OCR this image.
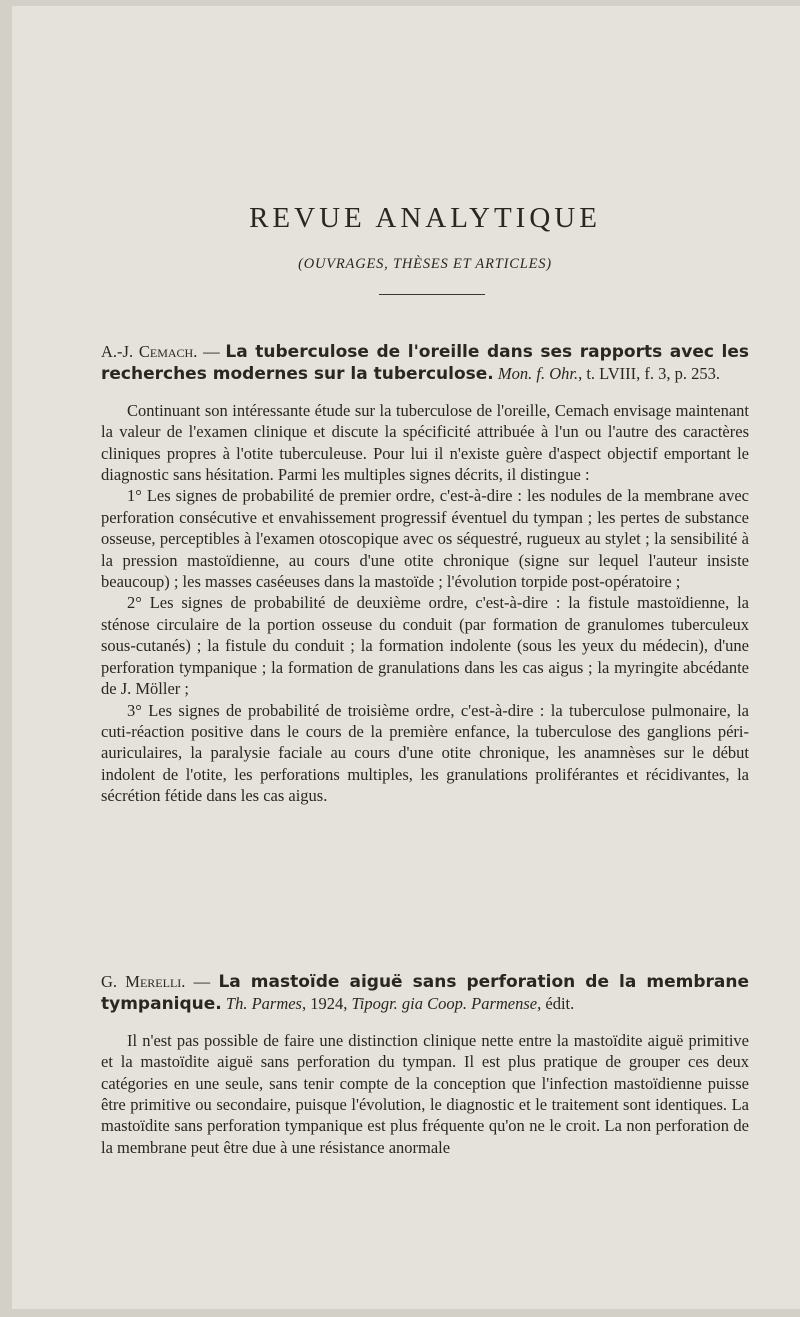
REVUE ANALYTIQUE
(OUVRAGES, THÈSES ET ARTICLES)

A.-J. Cemach. — La tuberculose de l'oreille dans ses rapports avec les recherches modernes sur la tuberculose. Mon. f. Ohr., t. LVIII, f. 3, p. 253.

Continuant son intéressante étude sur la tuberculose de l'oreille, Cemach envisage maintenant la valeur de l'examen clinique et discute la spécificité attribuée à l'un ou l'autre des caractères cliniques propres à l'otite tuberculeuse. Pour lui il n'existe guère d'aspect objectif emportant le diagnostic sans hésitation. Parmi les multiples signes décrits, il distingue :

1° Les signes de probabilité de premier ordre, c'est-à-dire : les nodules de la membrane avec perforation consécutive et envahissement progressif éventuel du tympan ; les pertes de substance osseuse, perceptibles à l'examen otoscopique avec os séquestré, rugueux au stylet ; la sensibilité à la pression mastoïdienne, au cours d'une otite chronique (signe sur lequel l'auteur insiste beaucoup) ; les masses caséeuses dans la mastoïde ; l'évolution torpide post-opératoire ;

2° Les signes de probabilité de deuxième ordre, c'est-à-dire : la fistule mastoïdienne, la sténose circulaire de la portion osseuse du conduit (par formation de granulomes tuberculeux sous-cutanés) ; la fistule du conduit ; la formation indolente (sous les yeux du médecin), d'une perforation tympanique ; la formation de granulations dans les cas aigus ; la myringite abcédante de J. Möller ;

3° Les signes de probabilité de troisième ordre, c'est-à-dire : la tuberculose pulmonaire, la cuti-réaction positive dans le cours de la première enfance, la tuberculose des ganglions péri-auriculaires, la paralysie faciale au cours d'une otite chronique, les anamnèses sur le début indolent de l'otite, les perforations multiples, les granulations proliférantes et récidivantes, la sécrétion fétide dans les cas aigus.

G. Merelli. — La mastoïde aiguë sans perforation de la membrane tympanique. Th. Parmes, 1924, Tipogr. gia Coop. Parmense, édit.

Il n'est pas possible de faire une distinction clinique nette entre la mastoïdite aiguë primitive et la mastoïdite aiguë sans perforation du tympan. Il est plus pratique de grouper ces deux catégories en une seule, sans tenir compte de la conception que l'infection mastoïdienne puisse être primitive ou secondaire, puisque l'évolution, le diagnostic et le traitement sont identiques. La mastoïdite sans perforation tympanique est plus fréquente qu'on ne le croit. La non perforation de la membrane peut être due à une résistance anormale
